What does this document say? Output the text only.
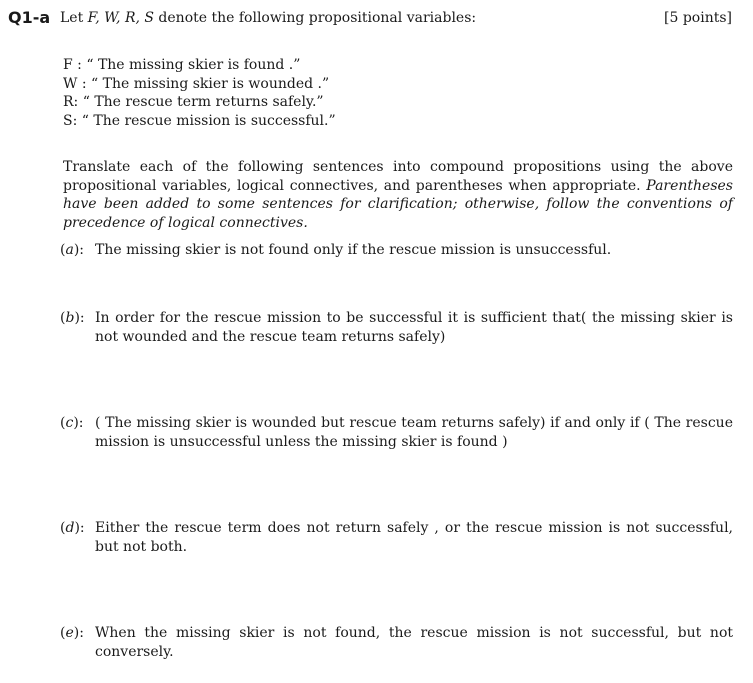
Q1-a Let F, W, R, S denote the following propositional variables:	[5 points]
F : “ The missing skier is found .”
W : “ The missing skier is wounded .”
R: “ The rescue term returns safely.”
S: “ The rescue mission is successful.”
Translate each of the following sentences into compound propositions using the above propositional variables, logical connectives, and parentheses when appropriate. Parentheses have been added to some sentences for clarification; otherwise, follow the conventions of precedence of logical connectives.
(a): The missing skier is not found only if the rescue mission is unsuccessful.
(b): In order for the rescue mission to be successful it is sufficient that( the missing skier is not wounded and the rescue team returns safely)
(c): ( The missing skier is wounded but rescue team returns safely) if and only if ( The rescue mission is unsuccessful unless the missing skier is found )
(d): Either the rescue term does not return safely , or the rescue mission is not successful, but not both.
(e): When the missing skier is not found, the rescue mission is not successful, but not conversely.
